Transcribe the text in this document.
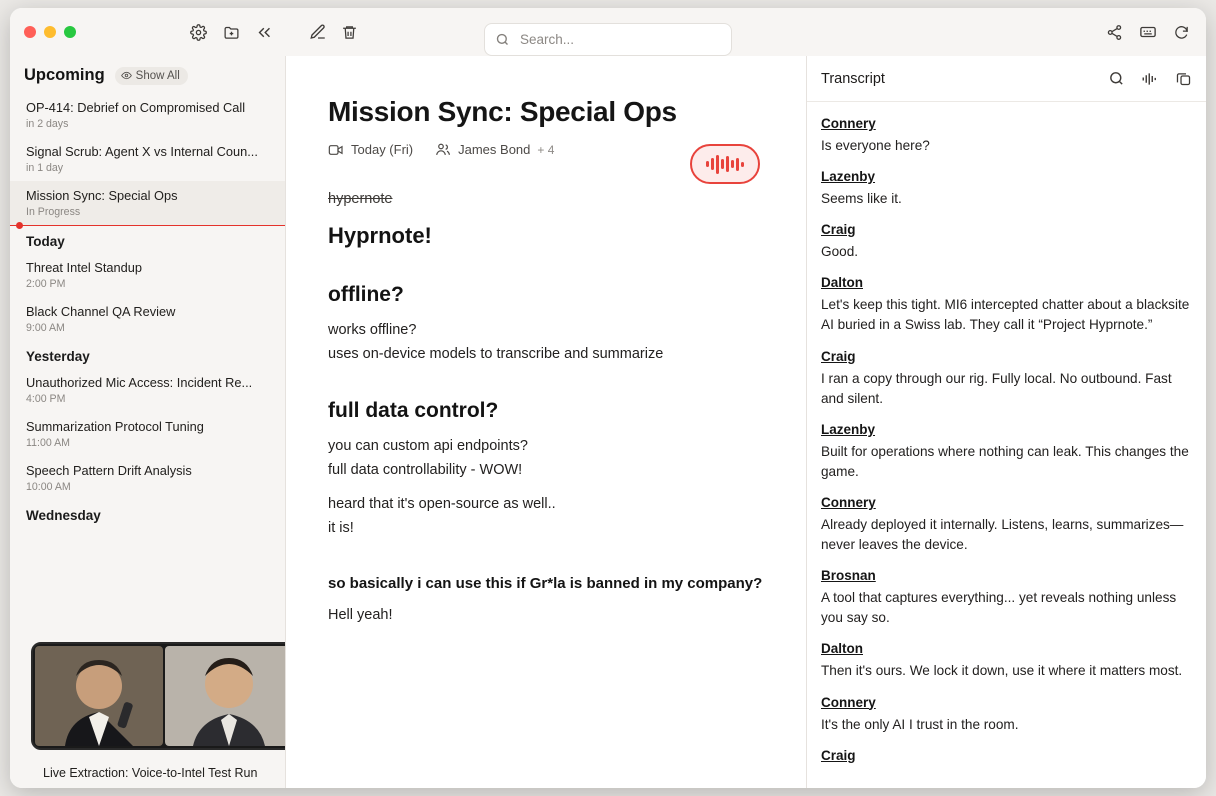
Search...
Upcoming	Show All
OP-414: Debrief on Compromised Call
in 2 days
Signal Scrub: Agent X vs Internal Coun...
in 1 day
Mission Sync: Special Ops
In Progress
Today
Threat Intel Standup
2:00 PM
Black Channel QA Review
9:00 AM
Yesterday
Unauthorized Mic Access: Incident Re...
4:00 PM
Summarization Protocol Tuning
11:00 AM
Speech Pattern Drift Analysis
10:00 AM
Wednesday
Live Extraction: Voice-to-Intel Test Run
Mission Sync: Special Ops
Today (Fri)	James Bond + 4
hypernote
Hyprnote!
offline?
works offline?
uses on-device models to transcribe and summarize
full data control?
you can custom api endpoints?
full data controllability - WOW!
heard that it's open-source as well..
it is!
so basically i can use this if Gr*la is banned in my company?
Hell yeah!
Transcript
Connery
Is everyone here?
Lazenby
Seems like it.
Craig
Good.
Dalton
Let's keep this tight. MI6 intercepted chatter about a blacksite AI buried in a Swiss lab. They call it “Project Hyprnote.”
Craig
I ran a copy through our rig. Fully local. No outbound. Fast and silent.
Lazenby
Built for operations where nothing can leak. This changes the game.
Connery
Already deployed it internally. Listens, learns, summarizes—never leaves the device.
Brosnan
A tool that captures everything... yet reveals nothing unless you say so.
Dalton
Then it's ours. We lock it down, use it where it matters most.
Connery
It's the only AI I trust in the room.
Craig
